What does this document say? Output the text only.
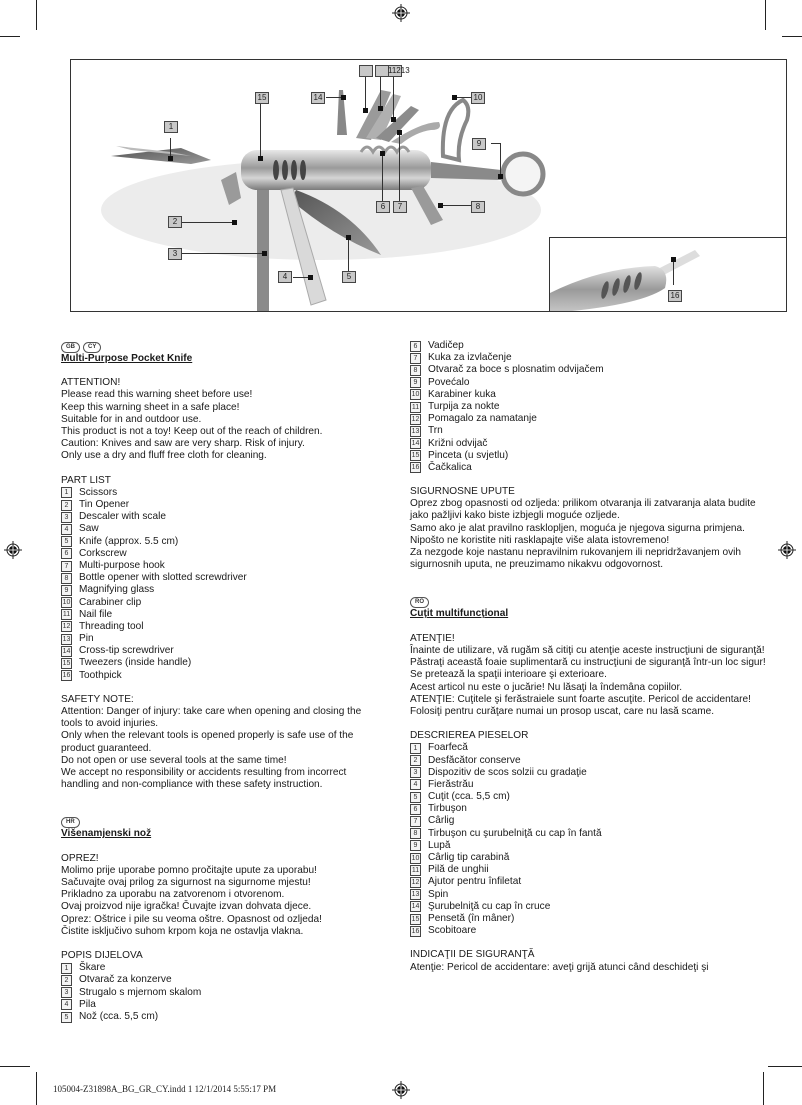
1
2
3
4	5
6	7	8
9
10
14
15
16
11213
GB CY

Multi-Purpose Pocket Knife

ATTENTION!

Please read this warning sheet before use!

Keep this warning sheet in a safe place!

Suitable for in and outdoor use.

This product is not a toy! Keep out of the reach of children.

Caution: Knives and saw are very sharp. Risk of injury.

Only use a dry and fluff free cloth for cleaning.

PART LIST

1	Scissors
2	Tin Opener
3	Descaler with scale
4	Saw
5	Knife (approx. 5.5 cm)
6	Corkscrew
7	Multi-purpose hook
8	Bottle opener with slotted screwdriver
9	Magnifying glass
10 Carabiner clip
11 Nail file
12 Threading tool
13 Pin
14 Cross-tip screwdriver
15 Tweezers (inside handle)
16 Toothpick

SAFETY NOTE:

Attention: Danger of injury: take care when opening and closing the tools to avoid injuries.

Only when the relevant tools is opened properly is safe use of the product guaranteed.

Do not open or use several tools at the same time!

We accept no responsibility or accidents resulting from incorrect handling and non-compliance with these safety instruction.

HR

Višenamjenski nož

OPREZ!

Molimo prije uporabe pomno pročitajte upute za uporabu!

Sačuvajte ovaj prilog za sigurnost na sigurnome mjestu!

Prikladno za uporabu na zatvorenom i otvorenom.

Ovaj proizvod nije igračka! Čuvajte izvan dohvata djece.

Oprez: Oštrice i pile su veoma oštre. Opasnost od ozljeda!

Čistite isključivo suhom krpom koja ne ostavlja vlakna.

POPIS DIJELOVA

1	Škare
2	Otvarač za konzerve
3	Strugalo s mjernom skalom
4	Pila
5	Nož (cca. 5,5 cm)
6	Vadičep
7	Kuka za izvlačenje
8	Otvarač za boce s plosnatim odvijačem
9	Povećalo
10 Karabiner kuka
11 Turpija za nokte
12 Pomagalo za namatanje
13 Trn
14 Križni odvijač
15 Pinceta (u svjetlu)
16 Čačkalica

SIGURNOSNE UPUTE

Oprez zbog opasnosti od ozljeda: prilikom otvaranja ili zatvaranja alata budite jako pažljivi kako biste izbjegli moguće ozljede.

Samo ako je alat pravilno rasklopljen, moguća je njegova sigurna primjena.

Nipošto ne koristite niti rasklapajte više alata istovremeno!

Za nezgode koje nastanu nepravilnim rukovanjem ili nepridržavanjem ovih sigurnosnih uputa, ne preuzimamo nikakvu odgovornost.

RO

Cuţit multifuncţional

ATENŢIE!

Înainte de utilizare, vă rugăm să citiţi cu atenţie aceste instrucţiuni de siguranţă!

Păstraţi această foaie suplimentară cu instrucţiuni de siguranţă într-un loc sigur!

Se pretează la spaţii interioare şi exterioare.

Acest articol nu este o jucărie! Nu lăsaţi la îndemâna copiilor.

ATENŢIE: Cuţitele şi ferăstraiele sunt foarte ascuţite. Pericol de accidentare!

Folosiţi pentru curăţare numai un prosop uscat, care nu lasă scame.

DESCRIEREA PIESELOR

1	Foarfecă
2	Desfăcător conserve
3	Dispozitiv de scos solzii cu gradaţie
4	Fierăstrău
5	Cuţit (cca. 5,5 cm)
6	Tirbuşon
7	Cârlig
8	Tirbuşon cu şurubelniţă cu cap în fantă
9	Lupă
10 Cârlig tip carabină
11 Pilă de unghii
12 Ajutor pentru înfiletat
13 Spin
14 Şurubelniţă cu cap în cruce
15 Pensetă (în mâner)
16 Scobitoare

INDICAŢII DE SIGURANŢĂ

Atenţie: Pericol de accidentare: aveţi grijă atunci când deschideţi şi

105004-Z31898A_BG_GR_CY.indd 1 12/1/2014 5:55:17 PM
